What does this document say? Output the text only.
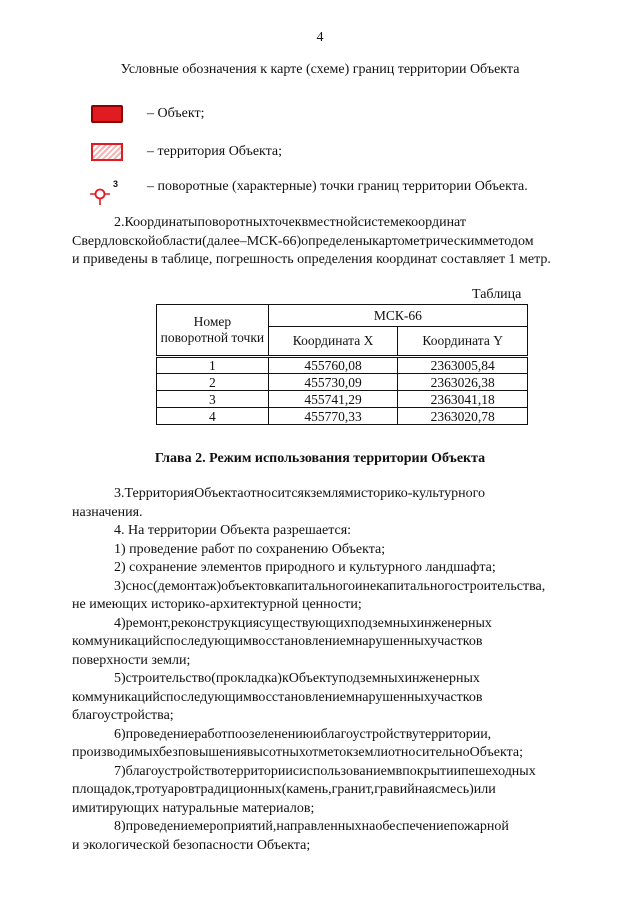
4
Условные обозначения к карте (схеме) границ территории Объекта
– Объект;
– территория Объекта;
3 – поворотные (характерные) точки границ территории Объекта.
2.Координатыповоротныхточеквместнойсистемекоординат
Свердловскойобласти(далее–МСК-66)определеныкартометрическимметодом
и приведены в таблице, погрешность определения координат составляет 1 метр.
Таблица
Номер поворотной точки	МСК-66	
	Координата X	Координата Y
1	455760,08	2363005,84
2	455730,09	2363026,38
3	455741,29	2363041,18
4	455770,33	2363020,78
Глава 2. Режим использования территории Объекта
3.ТерриторияОбъектаотноситсякземлямисторико-культурного
назначения.
4. На территории Объекта разрешается:
1) проведение работ по сохранению Объекта;
2) сохранение элементов природного и культурного ландшафта;
3)снос(демонтаж)объектовкапитальногоинекапитальногостроительства,
не имеющих историко-архитектурной ценности;
4)ремонт,реконструкциясуществующихподземныхинженерных
коммуникацийспоследующимвосстановлениемнарушенныхучастков
поверхности земли;
5)строительство(прокладка)кОбъектуподземныхинженерных
коммуникацийспоследующимвосстановлениемнарушенныхучастков
благоустройства;
6)проведениеработпоозеленениюиблагоустройствутерритории,
производимыхбезповышениявысотныхотметокземлиотносительноОбъекта;
7)благоустройствотерриториисиспользованиемвпокрытиипешеходных
площадок,тротуаровтрадиционных(камень,гранит,гравийнаясмесь)или
имитирующих натуральные материалов;
8)проведениемероприятий,направленныхнаобеспечениепожарной
и экологической безопасности Объекта;
